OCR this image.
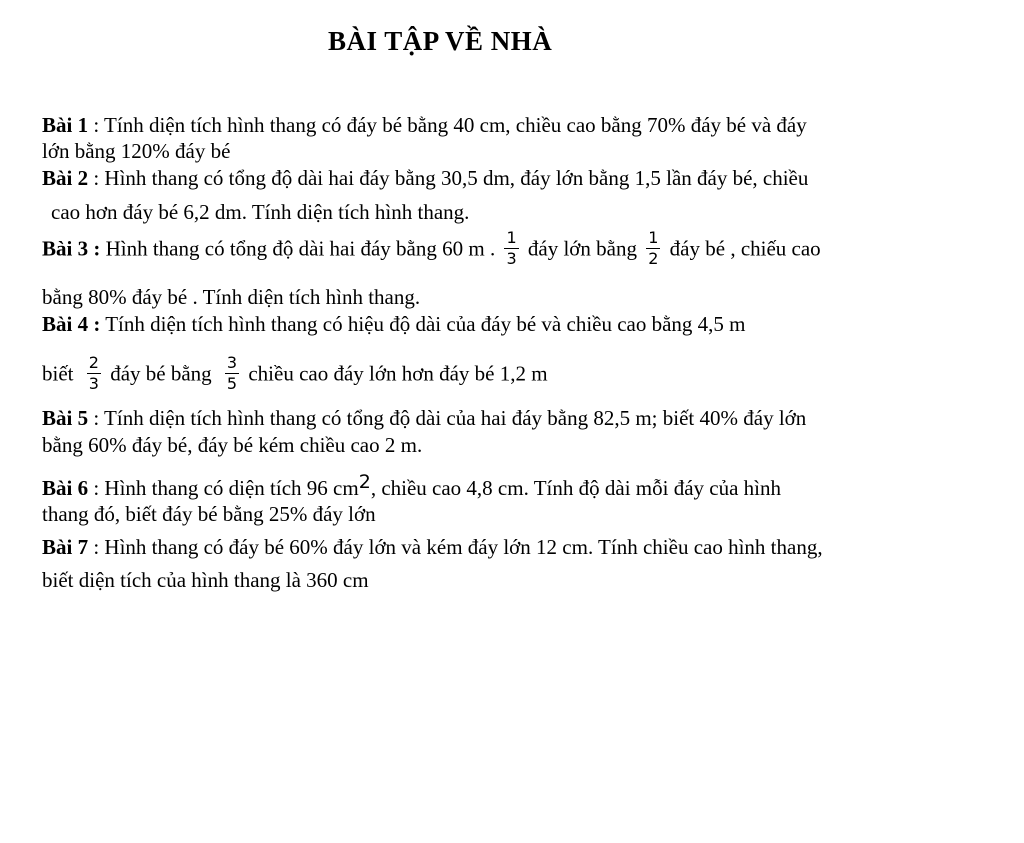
BÀI TẬP VỀ NHÀ
Bài 1 : Tính diện tích hình thang có đáy bé bằng 40 cm, chiều cao bằng 70% đáy bé và đáy
lớn bằng 120% đáy bé
Bài 2 : Hình thang có tổng độ dài hai đáy bằng 30,5 dm, đáy lớn bằng 1,5 lần đáy bé, chiều
cao hơn đáy bé 6,2 dm. Tính diện tích hình thang.
Bài 3 : Hình thang có tổng độ dài hai đáy bằng 60 m . $\frac{1}{3}$ đáy lớn bằng $\frac{1}{2}$ đáy bé , chiếu cao
bằng 80% đáy bé . Tính diện tích hình thang.
Bài 4 : Tính diện tích hình thang có hiệu độ dài của đáy bé và chiều cao bằng 4,5 m
biết $\frac{2}{3}$ đáy bé bằng $\frac{3}{5}$ chiều cao đáy lớn hơn đáy bé 1,2 m
Bài 5 : Tính diện tích hình thang có tổng độ dài của hai đáy bằng 82,5 m; biết 40% đáy lớn
bằng 60% đáy bé, đáy bé kém chiều cao 2 m.
Bài 6 : Hình thang có diện tích 96 cm2, chiều cao 4,8 cm. Tính độ dài mỗi đáy của hình
thang đó, biết đáy bé bằng 25% đáy lớn
Bài 7 : Hình thang có đáy bé 60% đáy lớn và kém đáy lớn 12 cm. Tính chiều cao hình thang,
biết diện tích của hình thang là 360 cm
